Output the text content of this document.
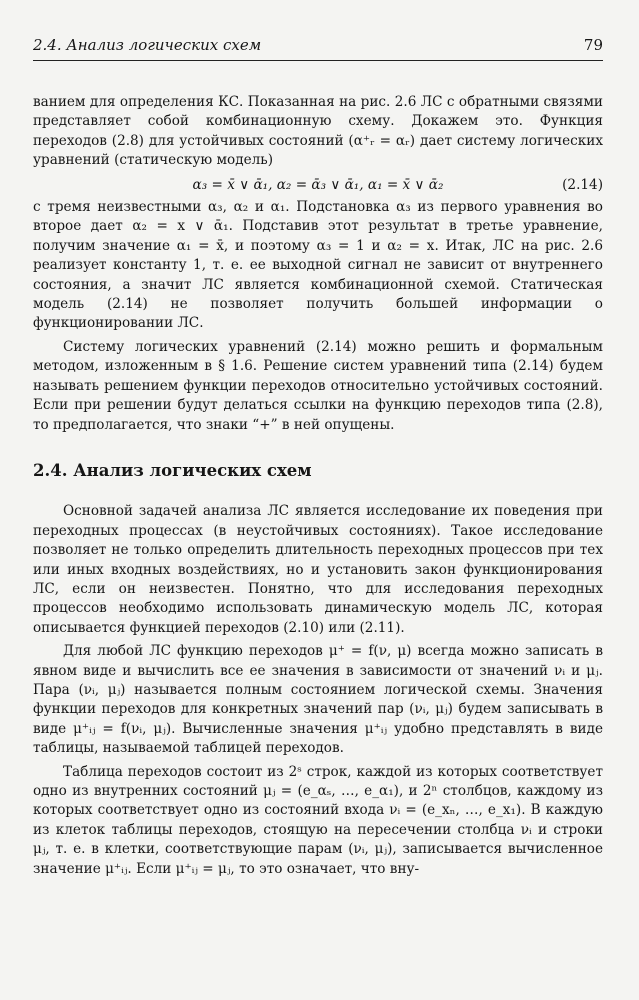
2.4. Анализ логических схем	79

ванием для определения КС. Показанная на рис. 2.6 ЛС с обратными связями представляет собой комбинационную схему. Докажем это. Функция переходов (2.8) для устойчивых состояний (α⁺ᵣ = αᵣ) дает систему логических уравнений (статическую модель)

α₃ = x̄ ∨ ᾱ₁, α₂ = ᾱ₃ ∨ ᾱ₁, α₁ = x̄ ∨ ᾱ₂	(2.14)

с тремя неизвестными α₃, α₂ и α₁. Подстановка α₃ из первого уравнения во второе дает α₂ = x ∨ ᾱ₁. Подставив этот результат в третье уравнение, получим значение α₁ = x̄, и поэтому α₃ = 1 и α₂ = x. Итак, ЛС на рис. 2.6 реализует константу 1, т. е. ее выходной сигнал не зависит от внутреннего состояния, а значит ЛС является комбинационной схемой. Статическая модель (2.14) не позволяет получить большей информации о функционировании ЛС.

Систему логических уравнений (2.14) можно решить и формальным методом, изложенным в § 1.6. Решение систем уравнений типа (2.14) будем называть решением функции переходов относительно устойчивых состояний. Если при решении будут делаться ссылки на функцию переходов типа (2.8), то предполагается, что знаки “+” в ней опущены.

2.4. Анализ логических схем

Основной задачей анализа ЛС является исследование их поведения при переходных процессах (в неустойчивых состояниях). Такое исследование позволяет не только определить длительность переходных процессов при тех или иных входных воздействиях, но и установить закон функционирования ЛС, если он неизвестен. Понятно, что для исследования переходных процессов необходимо использовать динамическую модель ЛС, которая описывается функцией переходов (2.10) или (2.11).

Для любой ЛС функцию переходов μ⁺ = f(ν, μ) всегда можно записать в явном виде и вычислить все ее значения в зависимости от значений νᵢ и μⱼ. Пара (νᵢ, μⱼ) называется полным состоянием логической схемы. Значения функции переходов для конкретных значений пар (νᵢ, μⱼ) будем записывать в виде μ⁺ᵢⱼ = f(νᵢ, μⱼ). Вычисленные значения μ⁺ᵢⱼ удобно представлять в виде таблицы, называемой таблицей переходов.

Таблица переходов состоит из 2ˢ строк, каждой из которых соответствует одно из внутренних состояний μⱼ = (e_αₛ, …, e_α₁), и 2ⁿ столбцов, каждому из которых соответствует одно из состояний входа νᵢ = (e_xₙ, …, e_x₁). В каждую из клеток таблицы переходов, стоящую на пересечении столбца νᵢ и строки μⱼ, т. е. в клетки, соответствующие парам (νᵢ, μⱼ), записывается вычисленное значение μ⁺ᵢⱼ. Если μ⁺ᵢⱼ = μⱼ, то это означает, что вну-
